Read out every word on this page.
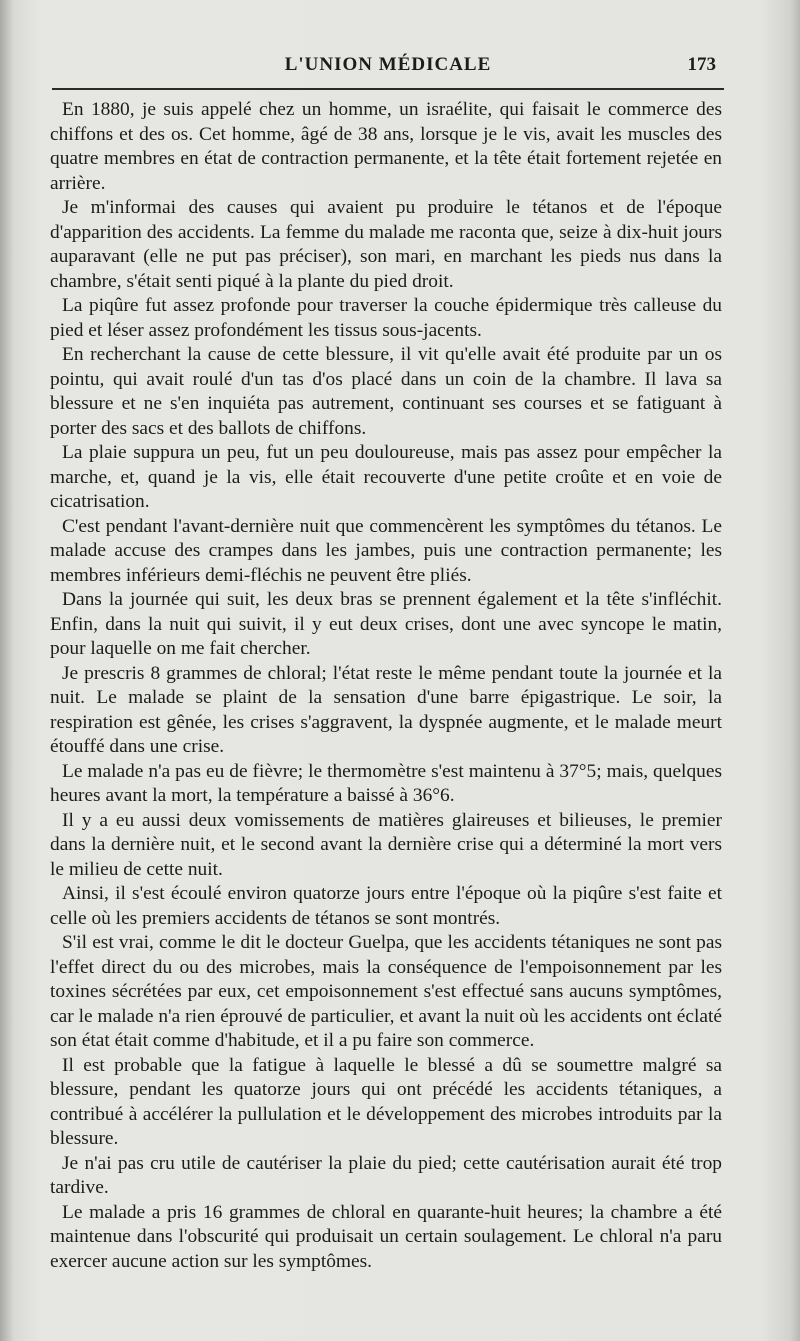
L'UNION MÉDICALE	173

En 1880, je suis appelé chez un homme, un israélite, qui faisait le commerce des chiffons et des os. Cet homme, âgé de 38 ans, lorsque je le vis, avait les muscles des quatre membres en état de contraction permanente, et la tête était fortement rejetée en arrière.

Je m'informai des causes qui avaient pu produire le tétanos et de l'époque d'apparition des accidents. La femme du malade me raconta que, seize à dix-huit jours auparavant (elle ne put pas préciser), son mari, en marchant les pieds nus dans la chambre, s'était senti piqué à la plante du pied droit.

La piqûre fut assez profonde pour traverser la couche épidermique très calleuse du pied et léser assez profondément les tissus sous-jacents.

En recherchant la cause de cette blessure, il vit qu'elle avait été produite par un os pointu, qui avait roulé d'un tas d'os placé dans un coin de la chambre. Il lava sa blessure et ne s'en inquiéta pas autrement, continuant ses courses et se fatiguant à porter des sacs et des ballots de chiffons.

La plaie suppura un peu, fut un peu douloureuse, mais pas assez pour empêcher la marche, et, quand je la vis, elle était recouverte d'une petite croûte et en voie de cicatrisation.

C'est pendant l'avant-dernière nuit que commencèrent les symptômes du tétanos. Le malade accuse des crampes dans les jambes, puis une contraction permanente; les membres inférieurs demi-fléchis ne peuvent être pliés.

Dans la journée qui suit, les deux bras se prennent également et la tête s'infléchit. Enfin, dans la nuit qui suivit, il y eut deux crises, dont une avec syncope le matin, pour laquelle on me fait chercher.

Je prescris 8 grammes de chloral; l'état reste le même pendant toute la journée et la nuit. Le malade se plaint de la sensation d'une barre épigastrique. Le soir, la respiration est gênée, les crises s'aggravent, la dyspnée augmente, et le malade meurt étouffé dans une crise.

Le malade n'a pas eu de fièvre; le thermomètre s'est maintenu à 37°5; mais, quelques heures avant la mort, la température a baissé à 36°6.

Il y a eu aussi deux vomissements de matières glaireuses et bilieuses, le premier dans la dernière nuit, et le second avant la dernière crise qui a déterminé la mort vers le milieu de cette nuit.

Ainsi, il s'est écoulé environ quatorze jours entre l'époque où la piqûre s'est faite et celle où les premiers accidents de tétanos se sont montrés.

S'il est vrai, comme le dit le docteur Guelpa, que les accidents tétaniques ne sont pas l'effet direct du ou des microbes, mais la conséquence de l'empoisonnement par les toxines sécrétées par eux, cet empoisonnement s'est effectué sans aucuns symptômes, car le malade n'a rien éprouvé de particulier, et avant la nuit où les accidents ont éclaté son état était comme d'habitude, et il a pu faire son commerce.

Il est probable que la fatigue à laquelle le blessé a dû se soumettre malgré sa blessure, pendant les quatorze jours qui ont précédé les accidents tétaniques, a contribué à accélérer la pullulation et le développement des microbes introduits par la blessure.

Je n'ai pas cru utile de cautériser la plaie du pied; cette cautérisation aurait été trop tardive.

Le malade a pris 16 grammes de chloral en quarante-huit heures; la chambre a été maintenue dans l'obscurité qui produisait un certain soulagement. Le chloral n'a paru exercer aucune action sur les symptômes.
